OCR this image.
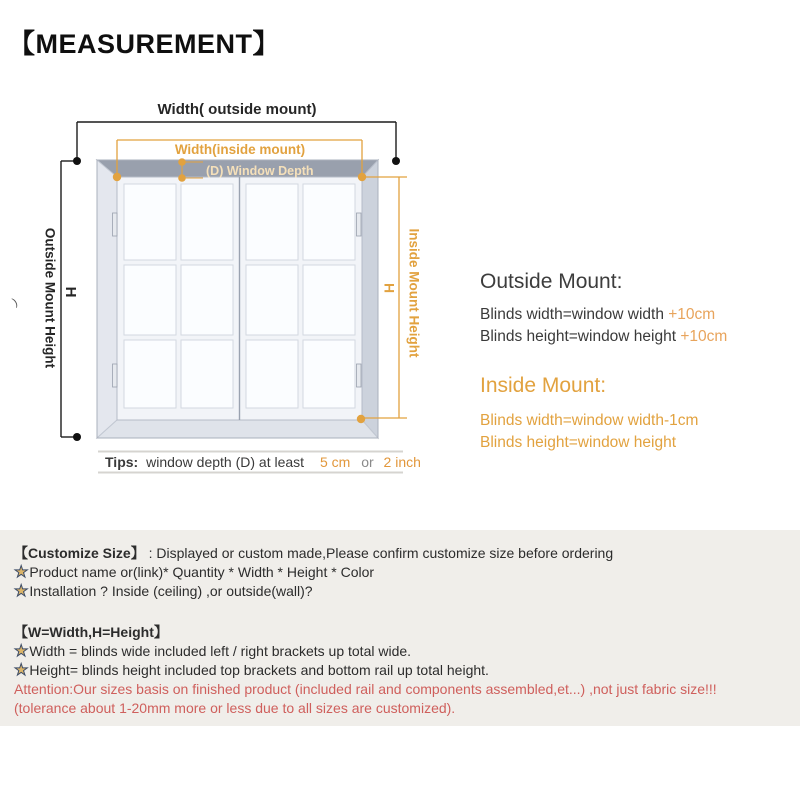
【MEASUREMENT】
Width( outside mount)
Outside Mount Height H
)
Width(inside mount)
(D) Window Depth
Inside Mount Height
H
Tips: window depth (D) at least 5 cm or 2 inch
Outside Mount:
Blinds width=window width +10cm
Blinds height=window height +10cm
Inside Mount:
Blinds width=window width-1cm
Blinds height=window height
【Customize Size】 : Displayed or custom made,Please confirm customize size before ordering
★Product name or(link)* Quantity * Width * Height * Color
★Installation ? Inside (ceiling) ,or outside(wall)?
【W=Width,H=Height】
★Width = blinds wide included left / right brackets up total wide.
★Height= blinds height included top brackets and bottom rail up total height.
Attention:Our sizes basis on finished product (included rail and components assembled,et...) ,not just fabric size!!!
(tolerance about 1-20mm more or less due to all sizes are customized).
